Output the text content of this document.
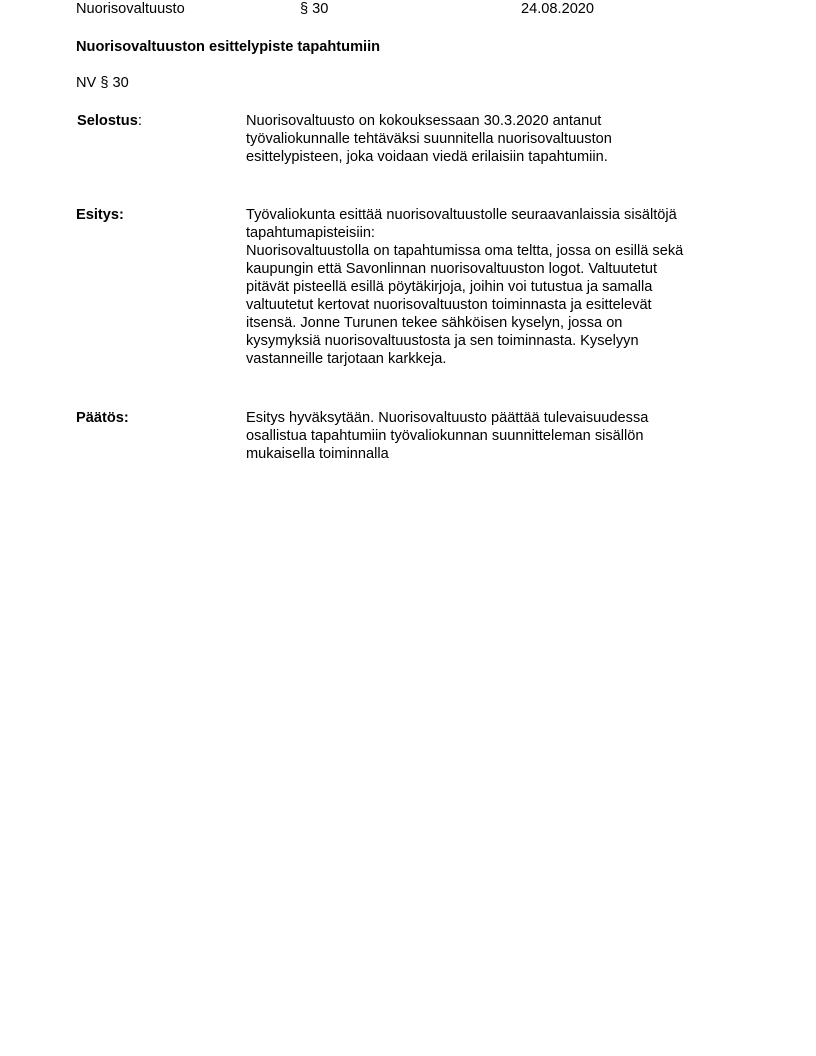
Nuorisovaltuusto	§ 30	24.08.2020
Nuorisovaltuuston esittelypiste tapahtumiin
NV § 30
Selostus:	Nuorisovaltuusto on kokouksessaan 30.3.2020 antanut
työvaliokunnalle tehtäväksi suunnitella nuorisovaltuuston
esittelypisteen, joka voidaan viedä erilaisiin tapahtumiin.
Esitys:	Työvaliokunta esittää nuorisovaltuustolle seuraavanlaissia sisältöjä
tapahtumapisteisiin:
Nuorisovaltuustolla on tapahtumissa oma teltta, jossa on esillä sekä
kaupungin että Savonlinnan nuorisovaltuuston logot. Valtuutetut
pitävät pisteellä esillä pöytäkirjoja, joihin voi tutustua ja samalla
valtuutetut kertovat nuorisovaltuuston toiminnasta ja esittelevät
itsensä. Jonne Turunen tekee sähköisen kyselyn, jossa on
kysymyksiä nuorisovaltuustosta ja sen toiminnasta. Kyselyyn
vastanneille tarjotaan karkkeja.
Päätös:	Esitys hyväksytään. Nuorisovaltuusto päättää tulevaisuudessa
osallistua tapahtumiin työvaliokunnan suunnitteleman sisällön
mukaisella toiminnalla
